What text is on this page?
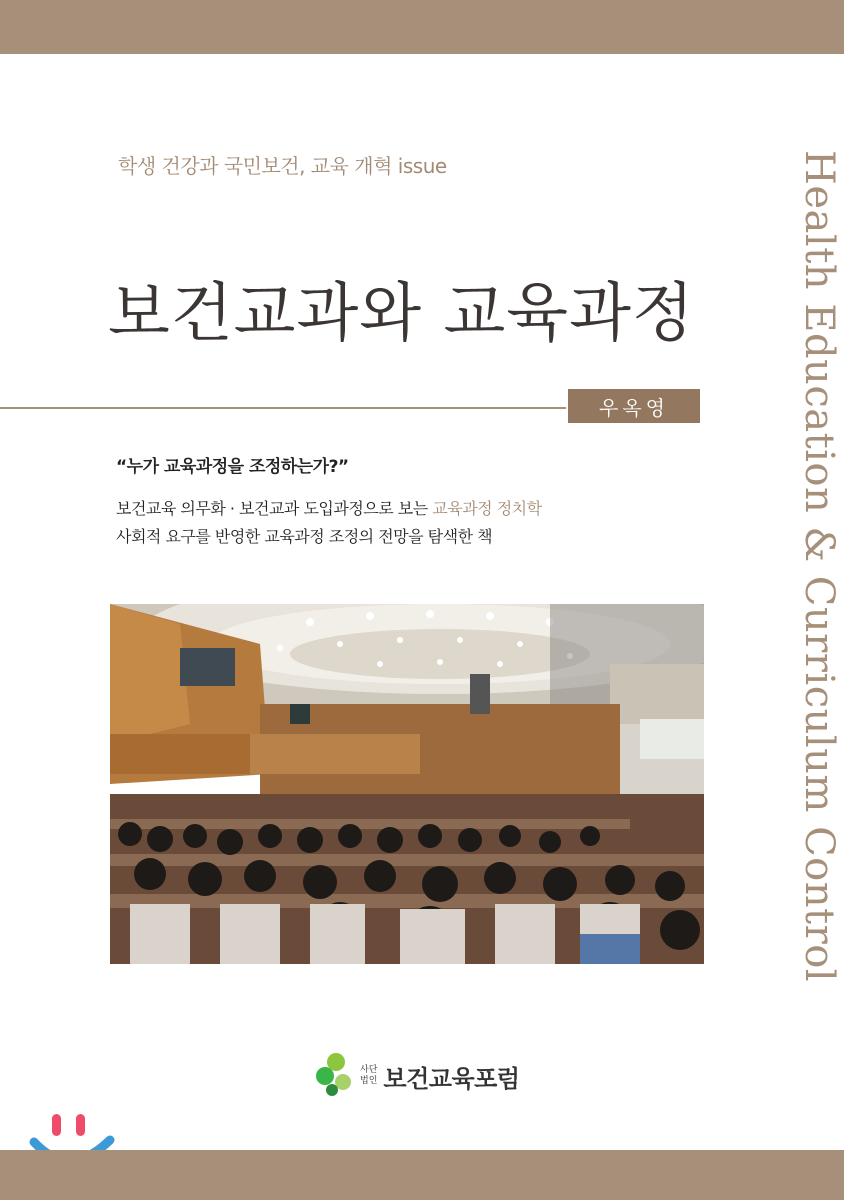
학생 건강과 국민보건, 교육 개혁 issue
보건교과와 교육과정
우옥영
“누가 교육과정을 조정하는가?”
보건교육 의무화 · 보건교과 도입과정으로 보는 교육과정 정치학
사회적 요구를 반영한 교육과정 조정의 전망을 탐색한 책	Health Education & Curriculum Control
사단
법인 보건교육포럼
